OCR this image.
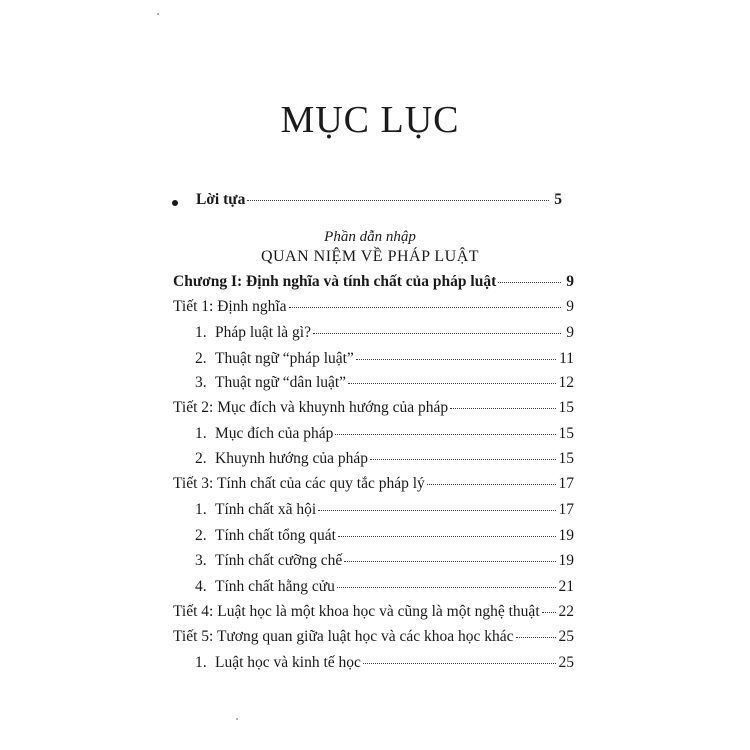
MỤC LỤC
Lời tựa	5
Phần dẫn nhập
QUAN NIỆM VỀ PHÁP LUẬT
Chương I: Định nghĩa và tính chất của pháp luật	9
Tiết 1: Định nghĩa	9
1. Pháp luật là gì?	9
2. Thuật ngữ “pháp luật”	11
3. Thuật ngữ “dân luật”	12
Tiết 2: Mục đích và khuynh hướng của pháp	15
1. Mục đích của pháp	15
2. Khuynh hướng của pháp	15
Tiết 3: Tính chất của các quy tắc pháp lý	17
1. Tính chất xã hội	17
2. Tính chất tổng quát	19
3. Tính chất cưỡng chế	19
4. Tính chất hằng cửu	21
Tiết 4: Luật học là một khoa học và cũng là một nghệ thuật 22
Tiết 5: Tương quan giữa luật học và các khoa học khác	25
1. Luật học và kinh tế học	25
